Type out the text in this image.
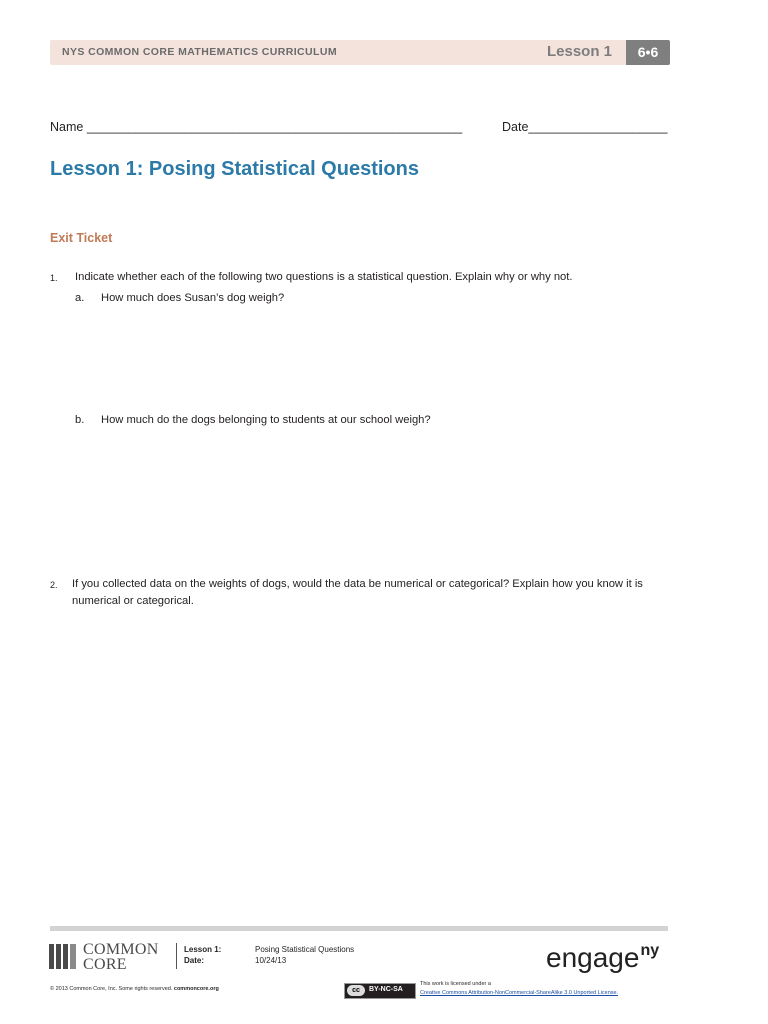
NYS COMMON CORE MATHEMATICS CURRICULUM	Lesson 1	6•6
Name ______________________________________________________	Date____________________
Lesson 1: Posing Statistical Questions
Exit Ticket
1. Indicate whether each of the following two questions is a statistical question. Explain why or why not.
a. How much does Susan’s dog weigh?
b. How much do the dogs belonging to students at our school weigh?
2. If you collected data on the weights of dogs, would the data be numerical or categorical? Explain how you know it is
numerical or categorical.
COMMON
CORE
Lesson 1:	Posing Statistical Questions
Date:	10/24/13	engage$^{ny}$
© 2013 Common Core, Inc. Some rights reserved. commoncore.org	cc	BY-NC-SA
This work is licensed under a
Creative Commons Attribution-NonCommercial-ShareAlike 3.0 Unported License.
